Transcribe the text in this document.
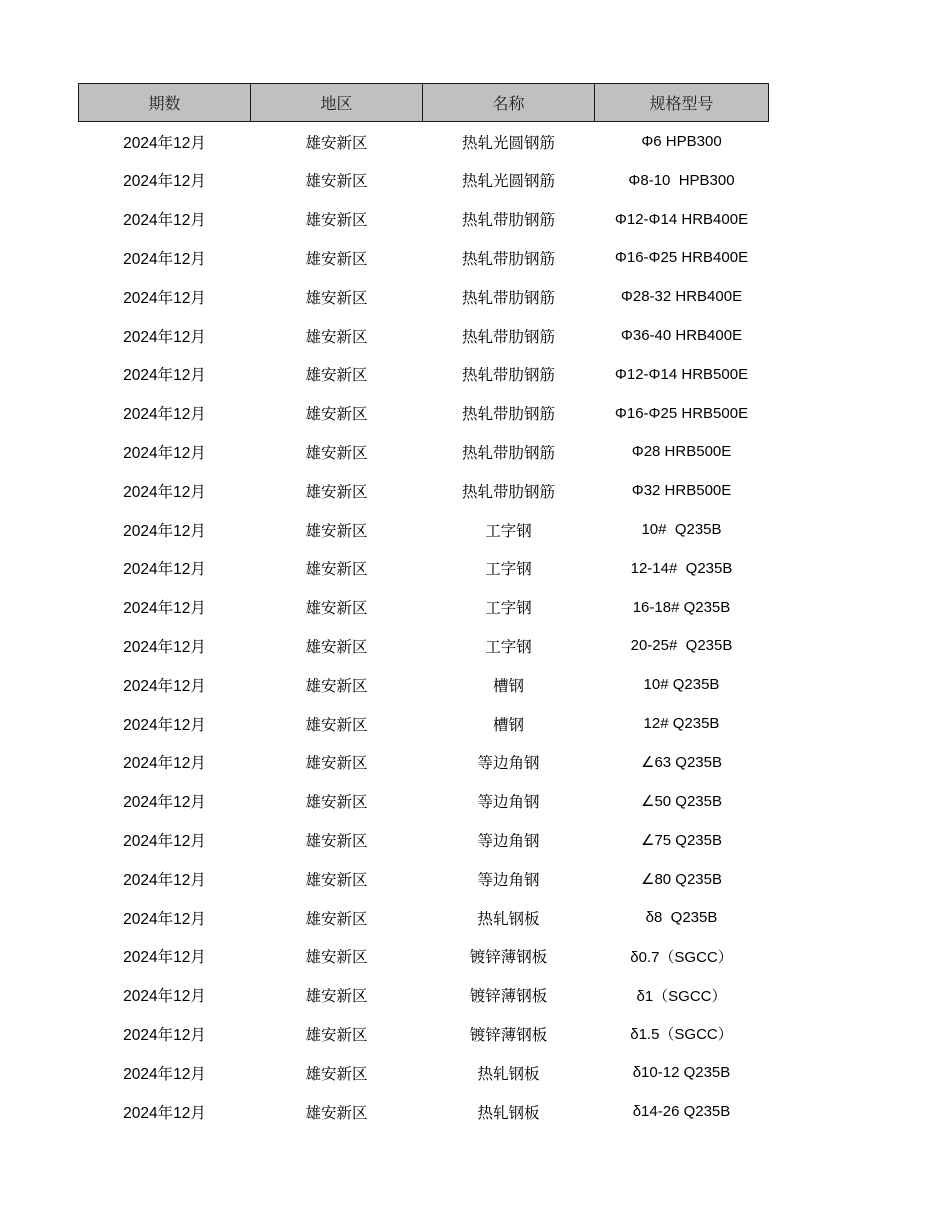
期数	地区	名称	规格型号
2024年12月	雄安新区	热轧光圆钢筋	Φ6 HPB300
2024年12月	雄安新区	热轧光圆钢筋	Φ8-10  HPB300
2024年12月	雄安新区	热轧带肋钢筋	Φ12-Φ14 HRB400E
2024年12月	雄安新区	热轧带肋钢筋	Φ16-Φ25 HRB400E
2024年12月	雄安新区	热轧带肋钢筋	Φ28-32 HRB400E
2024年12月	雄安新区	热轧带肋钢筋	Φ36-40 HRB400E
2024年12月	雄安新区	热轧带肋钢筋	Φ12-Φ14 HRB500E
2024年12月	雄安新区	热轧带肋钢筋	Φ16-Φ25 HRB500E
2024年12月	雄安新区	热轧带肋钢筋	Φ28 HRB500E
2024年12月	雄安新区	热轧带肋钢筋	Φ32 HRB500E
2024年12月	雄安新区	工字钢	10#  Q235B
2024年12月	雄安新区	工字钢	12-14#  Q235B
2024年12月	雄安新区	工字钢	16-18# Q235B
2024年12月	雄安新区	工字钢	20-25#  Q235B
2024年12月	雄安新区	槽钢	10# Q235B
2024年12月	雄安新区	槽钢	12# Q235B
2024年12月	雄安新区	等边角钢	∠63 Q235B
2024年12月	雄安新区	等边角钢	∠50 Q235B
2024年12月	雄安新区	等边角钢	∠75 Q235B
2024年12月	雄安新区	等边角钢	∠80 Q235B
2024年12月	雄安新区	热轧钢板	δ8  Q235B
2024年12月	雄安新区	镀锌薄钢板	δ0.7（SGCC）
2024年12月	雄安新区	镀锌薄钢板	δ1（SGCC）
2024年12月	雄安新区	镀锌薄钢板	δ1.5（SGCC）
2024年12月	雄安新区	热轧钢板	δ10-12 Q235B
2024年12月	雄安新区	热轧钢板	δ14-26 Q235B
